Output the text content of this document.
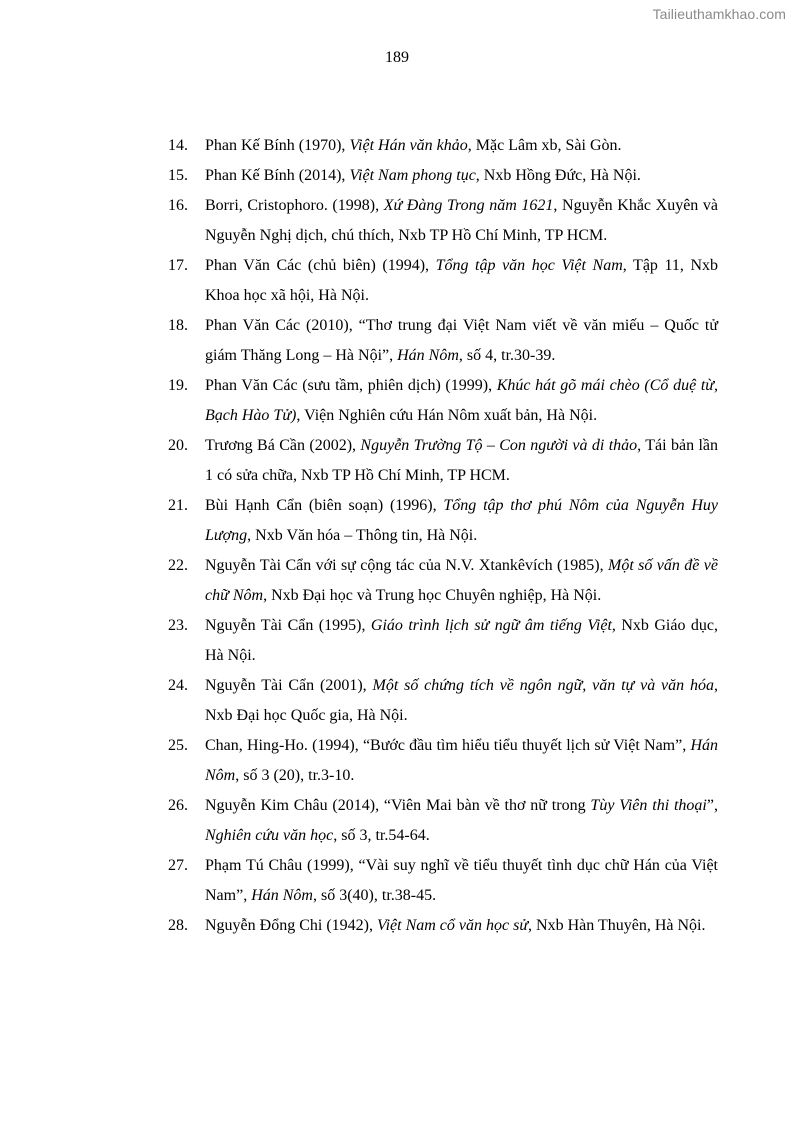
Tailieuthamkhao.com
189
14. Phan Kế Bính (1970), Việt Hán văn khảo, Mặc Lâm xb, Sài Gòn.
15. Phan Kế Bính (2014), Việt Nam phong tục, Nxb Hồng Đức, Hà Nội.
16. Borri, Cristophoro. (1998), Xứ Đàng Trong năm 1621, Nguyễn Khắc Xuyên và Nguyễn Nghị dịch, chú thích, Nxb TP Hồ Chí Minh, TP HCM.
17. Phan Văn Các (chủ biên) (1994), Tổng tập văn học Việt Nam, Tập 11, Nxb Khoa học xã hội, Hà Nội.
18. Phan Văn Các (2010), “Thơ trung đại Việt Nam viết về văn miếu – Quốc tử giám Thăng Long – Hà Nội”, Hán Nôm, số 4, tr.30-39.
19. Phan Văn Các (sưu tầm, phiên dịch) (1999), Khúc hát gõ mái chèo (Cổ duệ từ, Bạch Hào Tử), Viện Nghiên cứu Hán Nôm xuất bản, Hà Nội.
20. Trương Bá Cần (2002), Nguyễn Trường Tộ – Con người và di thảo, Tái bản lần 1 có sửa chữa, Nxb TP Hồ Chí Minh, TP HCM.
21. Bùi Hạnh Cẩn (biên soạn) (1996), Tổng tập thơ phú Nôm của Nguyễn Huy Lượng, Nxb Văn hóa – Thông tin, Hà Nội.
22. Nguyễn Tài Cẩn với sự cộng tác của N.V. Xtankêvích (1985), Một số vấn đề về chữ Nôm, Nxb Đại học và Trung học Chuyên nghiệp, Hà Nội.
23. Nguyễn Tài Cẩn (1995), Giáo trình lịch sử ngữ âm tiếng Việt, Nxb Giáo dục, Hà Nội.
24. Nguyễn Tài Cẩn (2001), Một số chứng tích về ngôn ngữ, văn tự và văn hóa, Nxb Đại học Quốc gia, Hà Nội.
25. Chan, Hing-Ho. (1994), “Bước đầu tìm hiểu tiểu thuyết lịch sử Việt Nam”, Hán Nôm, số 3 (20), tr.3-10.
26. Nguyễn Kim Châu (2014), “Viên Mai bàn về thơ nữ trong Tùy Viên thi thoại”, Nghiên cứu văn học, số 3, tr.54-64.
27. Phạm Tú Châu (1999), “Vài suy nghĩ về tiểu thuyết tình dục chữ Hán của Việt Nam”, Hán Nôm, số 3(40), tr.38-45.
28. Nguyễn Đổng Chi (1942), Việt Nam cổ văn học sử, Nxb Hàn Thuyên, Hà Nội.
